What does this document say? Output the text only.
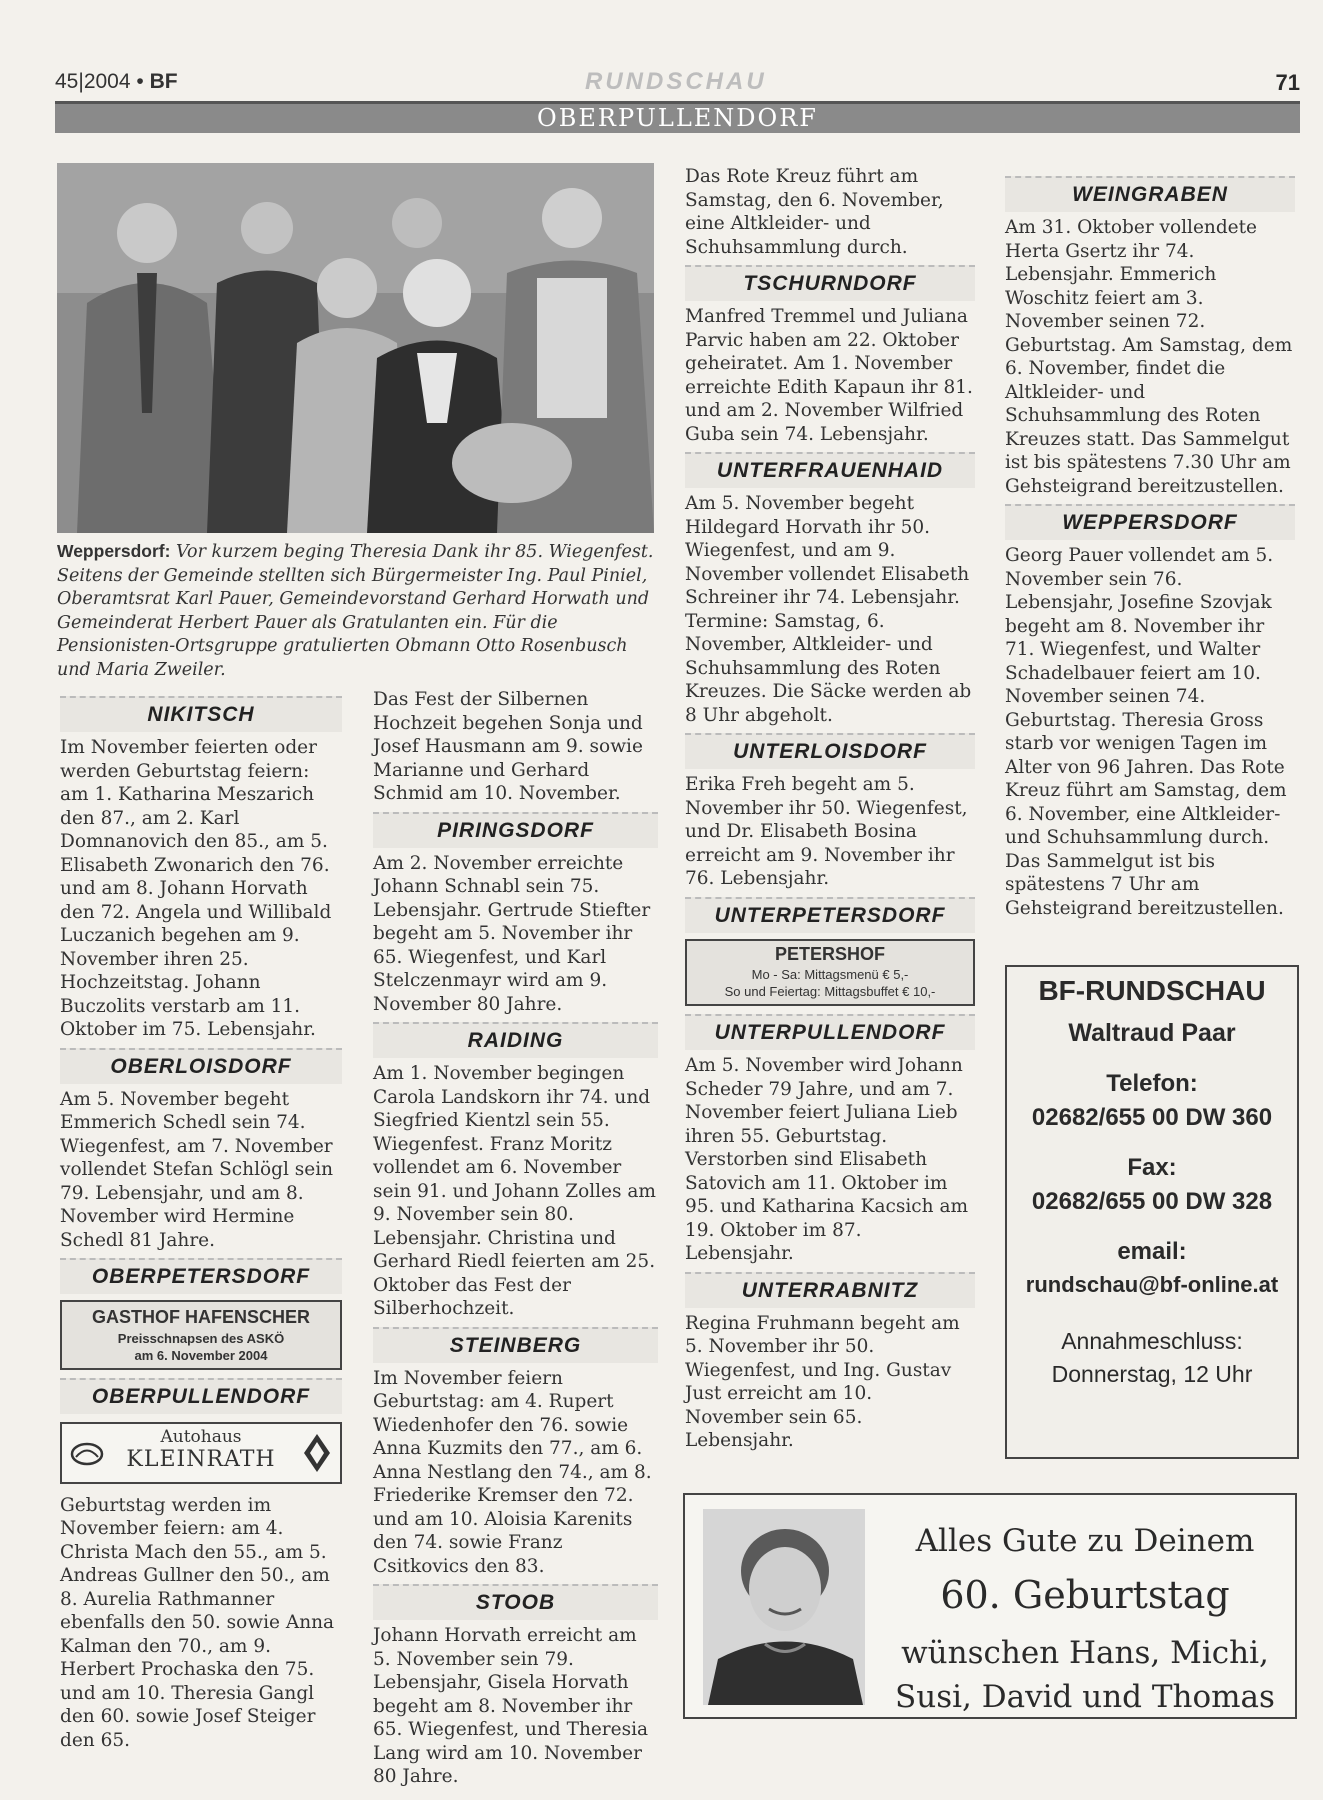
45|2004 • BF	RUNDSCHAU	71
OBERPULLENDORF
Weppersdorf: Vor kurzem beging Theresia Dank ihr 85. Wiegenfest. Seitens der Gemeinde stellten sich Bürgermeister Ing. Paul Piniel, Oberamtsrat Karl Pauer, Gemeindevorstand Gerhard Horwath und Gemeinderat Herbert Pauer als Gratulanten ein. Für die Pensionisten-Ortsgruppe gratulierten Obmann Otto Rosenbusch und Maria Zweiler.
NIKITSCH

Im November feierten oder werden Geburtstag feiern: am 1. Katharina Meszarich den 87., am 2. Karl Domnanovich den 85., am 5. Elisabeth Zwonarich den 76. und am 8. Johann Horvath den 72. Angela und Willibald Luczanich begehen am 9. November ihren 25. Hochzeitstag. Johann Buczolits verstarb am 11. Oktober im 75. Lebensjahr.

OBERLOISDORF

Am 5. November begeht Emmerich Schedl sein 74. Wiegenfest, am 7. November vollendet Stefan Schlögl sein 79. Lebensjahr, und am 8. November wird Hermine Schedl 81 Jahre.

OBERPETERSDORF
GASTHOF HAFENSCHER
Preisschnapsen des ASKÖ
am 6. November 2004
OBERPULLENDORF
Autohaus
KLEINRATH

Geburtstag werden im November feiern: am 4. Christa Mach den 55., am 5. Andreas Gullner den 50., am 8. Aurelia Rathmanner ebenfalls den 50. sowie Anna Kalman den 70., am 9. Herbert Prochaska den 75. und am 10. Theresia Gangl den 60. sowie Josef Steiger den 65.

Das Fest der Silbernen Hochzeit begehen Sonja und Josef Hausmann am 9. sowie Marianne und Gerhard Schmid am 10. November.

PIRINGSDORF

Am 2. November erreichte Johann Schnabl sein 75. Lebensjahr. Gertrude Stiefter begeht am 5. November ihr 65. Wiegenfest, und Karl Stelczenmayr wird am 9. November 80 Jahre.

RAIDING

Am 1. November begingen Carola Landskorn ihr 74. und Siegfried Kientzl sein 55. Wiegenfest. Franz Moritz vollendet am 6. November sein 91. und Johann Zolles am 9. November sein 80. Lebensjahr. Christina und Gerhard Riedl feierten am 25. Oktober das Fest der Silberhochzeit.

STEINBERG

Im November feiern Geburtstag: am 4. Rupert Wiedenhofer den 76. sowie Anna Kuzmits den 77., am 6. Anna Nestlang den 74., am 8. Friederike Kremser den 72. und am 10. Aloisia Karenits den 74. sowie Franz Csitkovics den 83.

STOOB

Johann Horvath erreicht am 5. November sein 79. Lebensjahr, Gisela Horvath begeht am 8. November ihr 65. Wiegenfest, und Theresia Lang wird am 10. November 80 Jahre.

Das Rote Kreuz führt am Samstag, den 6. November, eine Altkleider- und Schuhsammlung durch.

TSCHURNDORF

Manfred Tremmel und Juliana Parvic haben am 22. Oktober geheiratet. Am 1. November erreichte Edith Kapaun ihr 81. und am 2. November Wilfried Guba sein 74. Lebensjahr.

UNTERFRAUENHAID

Am 5. November begeht Hildegard Horvath ihr 50. Wiegenfest, und am 9. November vollendet Elisabeth Schreiner ihr 74. Lebensjahr. Termine: Samstag, 6. November, Altkleider- und Schuhsammlung des Roten Kreuzes. Die Säcke werden ab 8 Uhr abgeholt.

UNTERLOISDORF

Erika Freh begeht am 5. November ihr 50. Wiegenfest, und Dr. Elisabeth Bosina erreicht am 9. November ihr 76. Lebensjahr.

UNTERPETERSDORF
PETERSHOF
Mo - Sa: Mittagsmenü € 5,-
So und Feiertag: Mittagsbuffet € 10,-
UNTERPULLENDORF

Am 5. November wird Johann Scheder 79 Jahre, und am 7. November feiert Juliana Lieb ihren 55. Geburtstag. Verstorben sind Elisabeth Satovich am 11. Oktober im 95. und Katharina Kacsich am 19. Oktober im 87. Lebensjahr.

UNTERRABNITZ

Regina Fruhmann begeht am 5. November ihr 50. Wiegenfest, und Ing. Gustav Just erreicht am 10. November sein 65. Lebensjahr.

WEINGRABEN

Am 31. Oktober vollendete Herta Gsertz ihr 74. Lebensjahr. Emmerich Woschitz feiert am 3. November seinen 72. Geburtstag. Am Samstag, dem 6. November, findet die Altkleider- und Schuhsammlung des Roten Kreuzes statt. Das Sammelgut ist bis spätestens 7.30 Uhr am Gehsteigrand bereitzustellen.

WEPPERSDORF

Georg Pauer vollendet am 5. November sein 76. Lebensjahr, Josefine Szovjak begeht am 8. November ihr 71. Wiegenfest, und Walter Schadelbauer feiert am 10. November seinen 74. Geburtstag. Theresia Gross starb vor wenigen Tagen im Alter von 96 Jahren. Das Rote Kreuz führt am Samstag, dem 6. November, eine Altkleider- und Schuhsammlung durch. Das Sammelgut ist bis spätestens 7 Uhr am Gehsteigrand bereitzustellen.

BF-RUNDSCHAU
Waltraud Paar
Telefon:
02682/655 00 DW 360
Fax:
02682/655 00 DW 328
email:
rundschau@bf-online.at
Annahmeschluss:
Donnerstag, 12 Uhr
Alles Gute zu Deinem
60. Geburtstag
wünschen Hans, Michi,
Susi, David und Thomas
